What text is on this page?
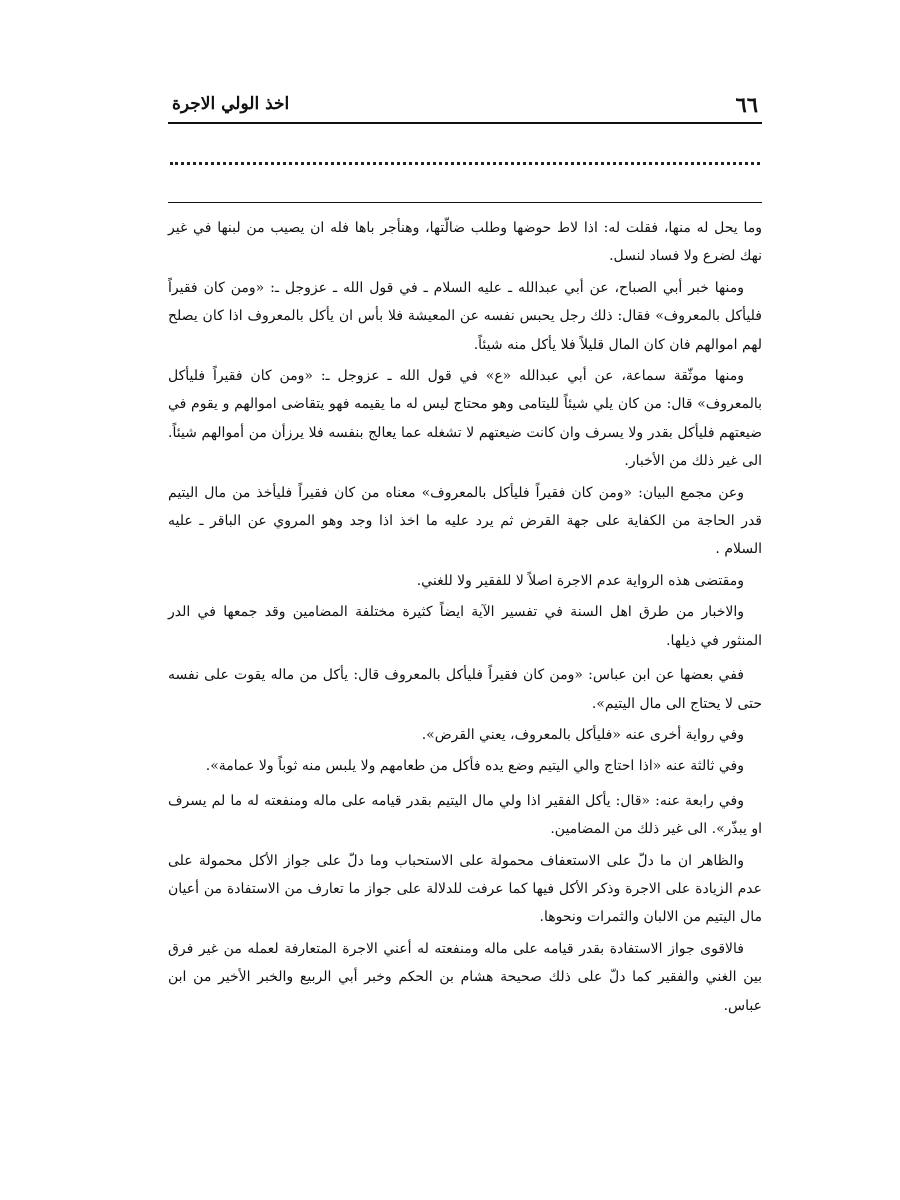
٦٦
اخذ الولي الاجرة

وما يحل له منها، فقلت له: اذا لاط حوضها وطلب ضالّتها، وهنأجر باها فله ان يصيب من لبنها في غير نهك لضرع ولا فساد لنسل.

ومنها خبر أبي الصباح، عن أبي عبدالله ـ عليه السلام ـ في قول الله ـ عزوجل ـ: «ومن كان فقيراً فليأكل بالمعروف» فقال: ذلك رجل يحبس نفسه عن المعيشة فلا بأس ان يأكل بالمعروف اذا كان يصلح لهم اموالهم فان كان المال قليلاً فلا يأكل منه شيئاً.

ومنها موثّقة سماعة، عن أبي عبدالله «ع» في قول الله ـ عزوجل ـ: «ومن كان فقيراً فليأكل بالمعروف» قال: من كان يلي شيئاً لليتامى وهو محتاج ليس له ما يقيمه فهو يتقاضى اموالهم و يقوم في ضيعتهم فليأكل بقدر ولا يسرف وان كانت ضيعتهم لا تشغله عما يعالج بنفسه فلا يرزأن من أموالهم شيئاً. الى غير ذلك من الأخبار.

وعن مجمع البيان: «ومن كان فقيراً فليأكل بالمعروف» معناه من كان فقيراً فليأخذ من مال اليتيم قدر الحاجة من الكفاية على جهة القرض ثم يرد عليه ما اخذ اذا وجد وهو المروي عن الباقر ـ عليه السلام .

ومقتضى هذه الرواية عدم الاجرة اصلاً لا للفقير ولا للغني.

والاخبار من طرق اهل السنة في تفسير الآية ايضاً كثيرة مختلفة المضامين وقد جمعها في الدر المنثور في ذيلها.

ففي بعضها عن ابن عباس: «ومن كان فقيراً فليأكل بالمعروف قال: يأكل من ماله يقوت على نفسه حتى لا يحتاج الى مال اليتيم».

وفي رواية أخرى عنه «فليأكل بالمعروف، يعني القرض».

وفي ثالثة عنه «اذا احتاج والي اليتيم وضع يده فأكل من طعامهم ولا يلبس منه ثوباً ولا عمامة».

وفي رابعة عنه: «قال: يأكل الفقير اذا ولي مال اليتيم بقدر قيامه على ماله ومنفعته له ما لم يسرف او يبذّر». الى غير ذلك من المضامين.

والظاهر ان ما دلّ على الاستعفاف محمولة على الاستحباب وما دلّ على جواز الأكل محمولة على عدم الزيادة على الاجرة وذكر الأكل فيها كما عرفت للدلالة على جواز ما تعارف من الاستفادة من أعيان مال اليتيم من الالبان والثمرات ونحوها.

فالاقوى جواز الاستفادة بقدر قيامه على ماله ومنفعته له أعني الاجرة المتعارفة لعمله من غير فرق بين الغني والفقير كما دلّ على ذلك صحيحة هشام بن الحكم وخبر أبي الربيع والخبر الأخير من ابن عباس.
